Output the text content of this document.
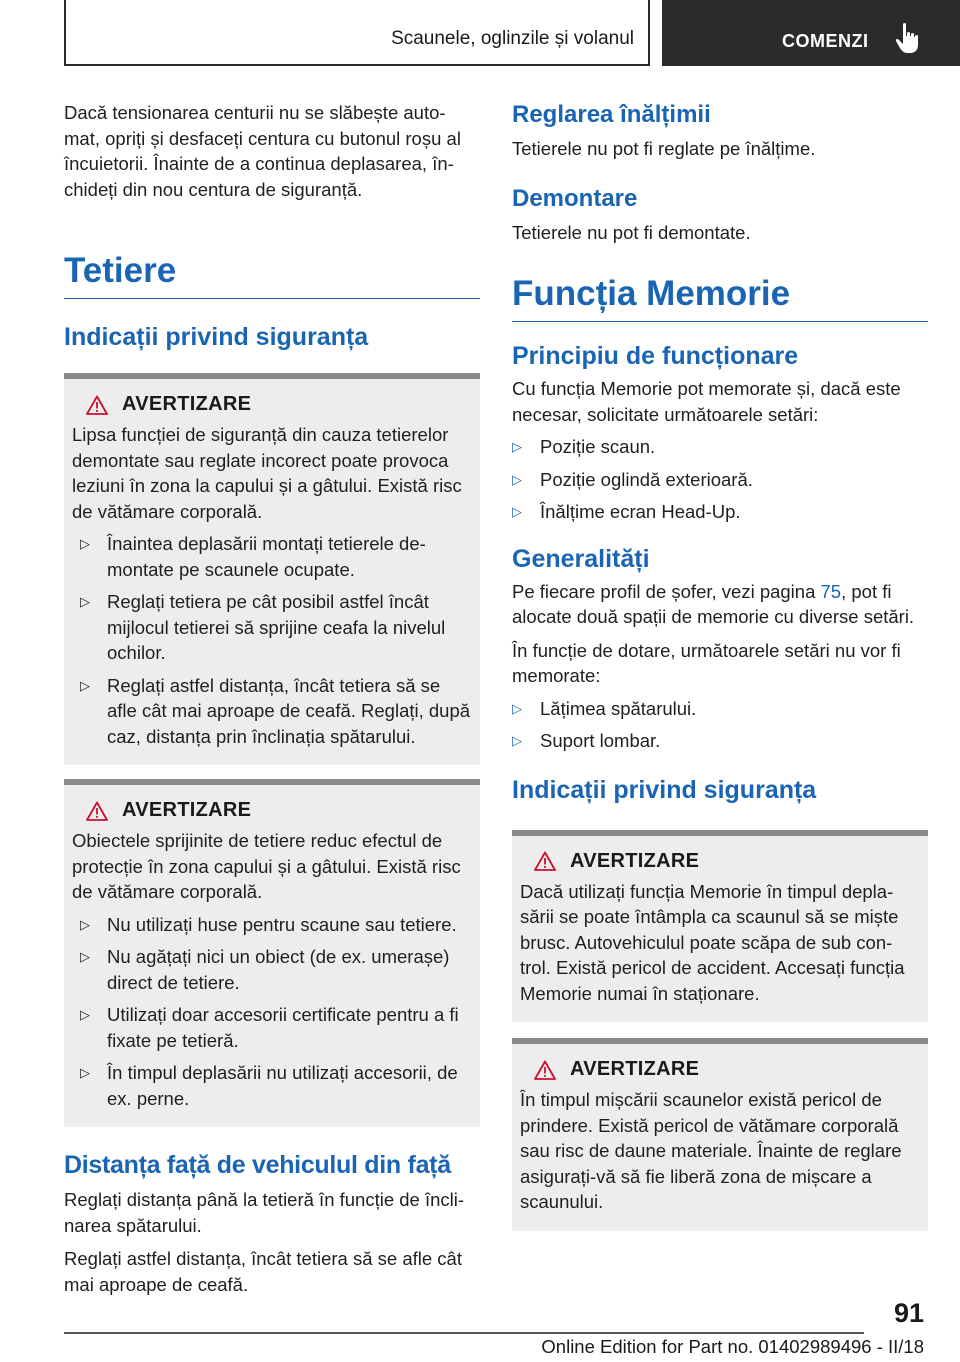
Scaunele, oglinzile și volanul	COMENZI

Dacă tensionarea centurii nu se slăbește auto-mat, opriți și desfaceți centura cu butonul roșu al încuietorii. Înainte de a continua deplasarea, în-chideți din nou centura de siguranță.

Tetiere
Indicații privind siguranța
AVERTIZARE

Lipsa funcției de siguranță din cauza tetierelor demontate sau reglate incorect poate provoca leziuni în zona la capului și a gâtului. Există risc de vătămare corporală.

▷ Înaintea deplasării montați tetierele de-montate pe scaunele ocupate.
▷ Reglați tetiera pe cât posibil astfel încât mijlocul tetierei să sprijine ceafa la nivelul ochilor.
▷ Reglați astfel distanța, încât tetiera să se afle cât mai aproape de ceafă. Reglați, după caz, distanța prin înclinația spătarului.
AVERTIZARE

Obiectele sprijinite de tetiere reduc efectul de protecție în zona capului și a gâtului. Există risc de vătămare corporală.

▷ Nu utilizați huse pentru scaune sau tetiere.
▷ Nu agățați nici un obiect (de ex. umerașe) direct de tetiere.
▷ Utilizați doar accesorii certificate pentru a fi fixate pe tetieră.
▷ În timpul deplasării nu utilizați accesorii, de ex. perne.
Distanța față de vehiculul din față

Reglați distanța până la tetieră în funcție de încli-narea spătarului.

Reglați astfel distanța, încât tetiera să se afle cât mai aproape de ceafă.

Reglarea înălțimii

Tetierele nu pot fi reglate pe înălțime.

Demontare

Tetierele nu pot fi demontate.

Funcția Memorie
Principiu de funcționare

Cu funcția Memorie pot memorate și, dacă este necesar, solicitate următoarele setări:

▷ Poziție scaun.
▷ Poziție oglindă exterioară.
▷ Înălțime ecran Head-Up.
Generalități

Pe fiecare profil de șofer, vezi pagina 75, pot fi alocate două spații de memorie cu diverse setări.

În funcție de dotare, următoarele setări nu vor fi memorate:

▷ Lățimea spătarului.
▷ Suport lombar.
Indicații privind siguranța
AVERTIZARE

Dacă utilizați funcția Memorie în timpul depla-sării se poate întâmpla ca scaunul să se miște brusc. Autovehiculul poate scăpa de sub con-trol. Există pericol de accident. Accesați funcția Memorie numai în staționare.

AVERTIZARE

În timpul mișcării scaunelor există pericol de prindere. Există pericol de vătămare corporală sau risc de daune materiale. Înainte de reglare asigurați-vă să fie liberă zona de mișcare a scaunului.

91
Online Edition for Part no. 01402989496 - II/18
